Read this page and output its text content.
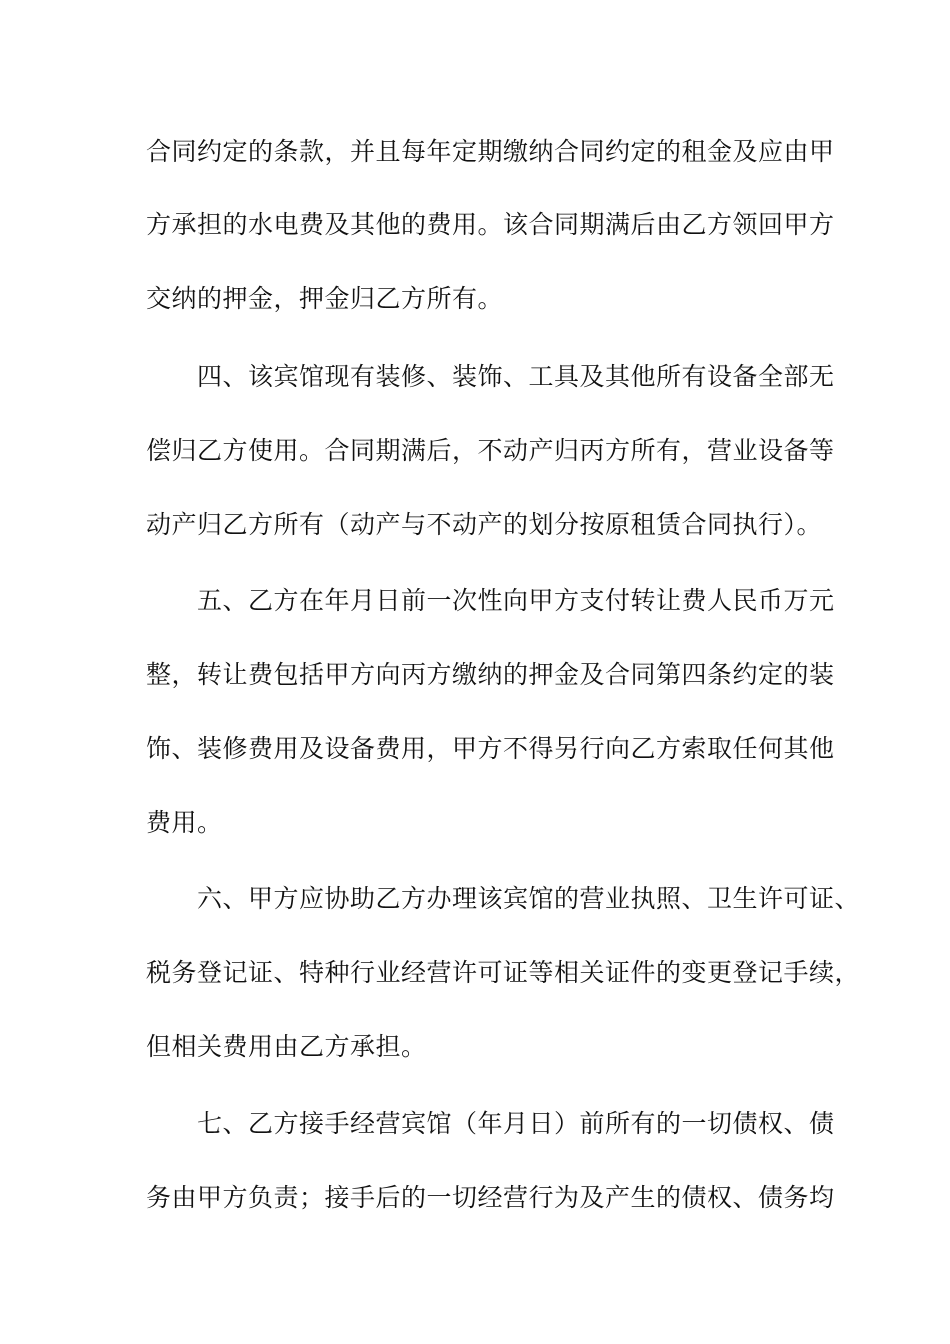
合同约定的条款，并且每年定期缴纳合同约定的租金及应由甲
方承担的水电费及其他的费用。该合同期满后由乙方领回甲方
交纳的押金，押金归乙方所有。
　　四、该宾馆现有装修、装饰、工具及其他所有设备全部无
偿归乙方使用。合同期满后，不动产归丙方所有，营业设备等
动产归乙方所有（动产与不动产的划分按原租赁合同执行）。
　　五、乙方在年月日前一次性向甲方支付转让费人民币万元
整，转让费包括甲方向丙方缴纳的押金及合同第四条约定的装
饰、装修费用及设备费用，甲方不得另行向乙方索取任何其他
费用。
　　六、甲方应协助乙方办理该宾馆的营业执照、卫生许可证、
税务登记证、特种行业经营许可证等相关证件的变更登记手续，
但相关费用由乙方承担。
　　七、乙方接手经营宾馆（年月日）前所有的一切债权、债
务由甲方负责；接手后的一切经营行为及产生的债权、债务均
